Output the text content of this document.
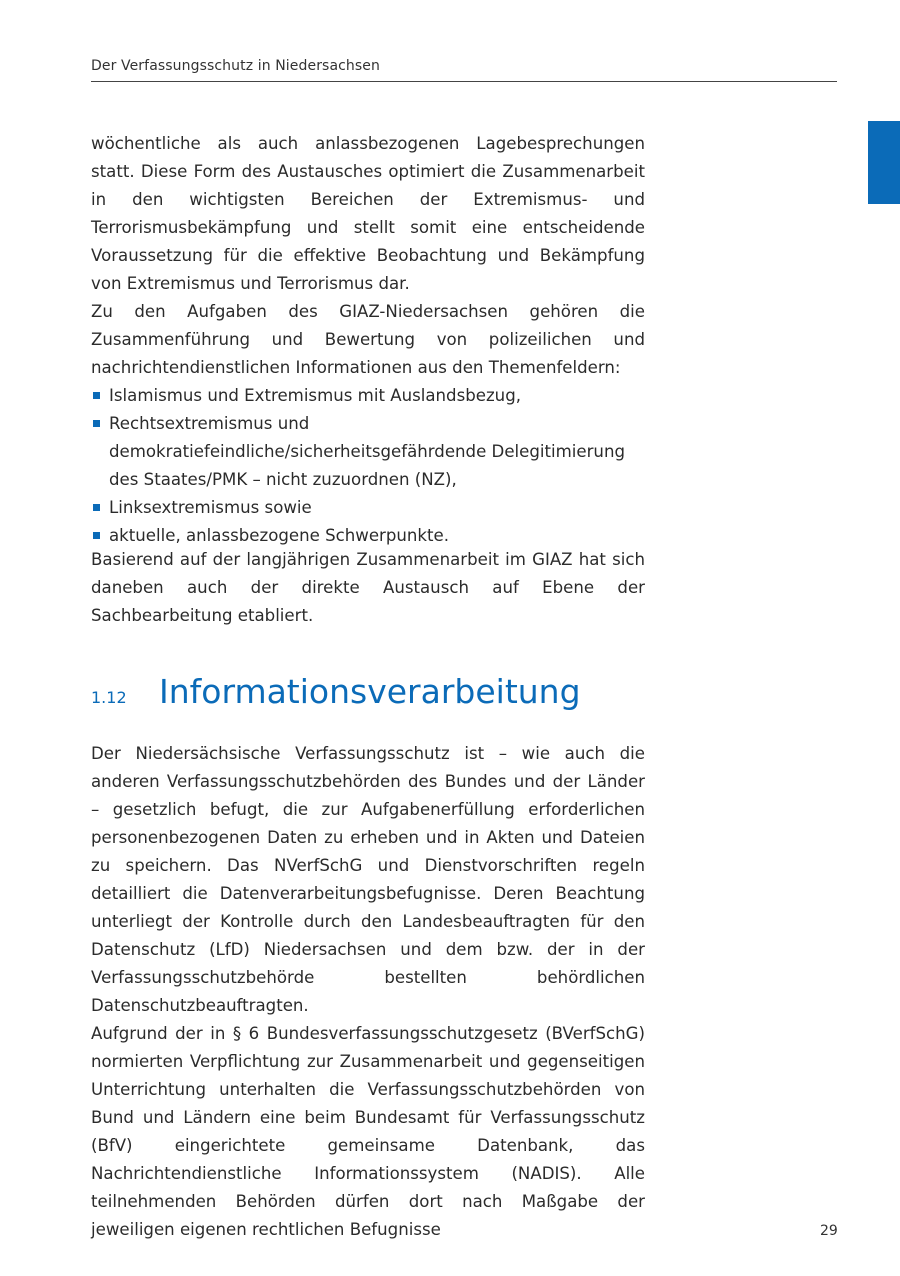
Der Verfassungsschutz in Niedersachsen

wöchentliche als auch anlassbezogenen Lagebesprechungen statt. Diese Form des Austausches optimiert die Zusammenarbeit in den wichtigsten Bereichen der Extremismus- und Terrorismusbekämpfung und stellt somit eine entscheidende Voraussetzung für die effektive Beobachtung und Bekämpfung von Extremismus und Terrorismus dar.

Zu den Aufgaben des GIAZ-Niedersachsen gehören die Zusammenführung und Bewertung von polizeilichen und nachrichtendienstlichen Informationen aus den Themenfeldern:

Islamismus und Extremismus mit Auslandsbezug,
Rechtsextremismus und demokratiefeindliche/sicherheitsgefährdende Delegitimierung des Staates/PMK – nicht zuzuordnen (NZ),
Linksextremismus sowie
aktuelle, anlassbezogene Schwerpunkte.

Basierend auf der langjährigen Zusammenarbeit im GIAZ hat sich daneben auch der direkte Austausch auf Ebene der Sachbearbeitung etabliert.

1.12 Informationsverarbeitung

Der Niedersächsische Verfassungsschutz ist – wie auch die anderen Verfassungsschutzbehörden des Bundes und der Länder – gesetzlich befugt, die zur Aufgabenerfüllung erforderlichen personenbezogenen Daten zu erheben und in Akten und Dateien zu speichern. Das NVerfSchG und Dienstvorschriften regeln detailliert die Datenverarbeitungsbefugnisse. Deren Beachtung unterliegt der Kontrolle durch den Landesbeauftragten für den Datenschutz (LfD) Niedersachsen und dem bzw. der in der Verfassungsschutzbehörde bestellten behördlichen Datenschutzbeauftragten.

Aufgrund der in § 6 Bundesverfassungsschutzgesetz (BVerfSchG) normierten Verpflichtung zur Zusammenarbeit und gegenseitigen Unterrichtung unterhalten die Verfassungsschutzbehörden von Bund und Ländern eine beim Bundesamt für Verfassungsschutz (BfV) eingerichtete gemeinsame Datenbank, das Nachrichtendienstliche Informationssystem (NADIS). Alle teilnehmenden Behörden dürfen dort nach Maßgabe der jeweiligen eigenen rechtlichen Befugnisse	29
